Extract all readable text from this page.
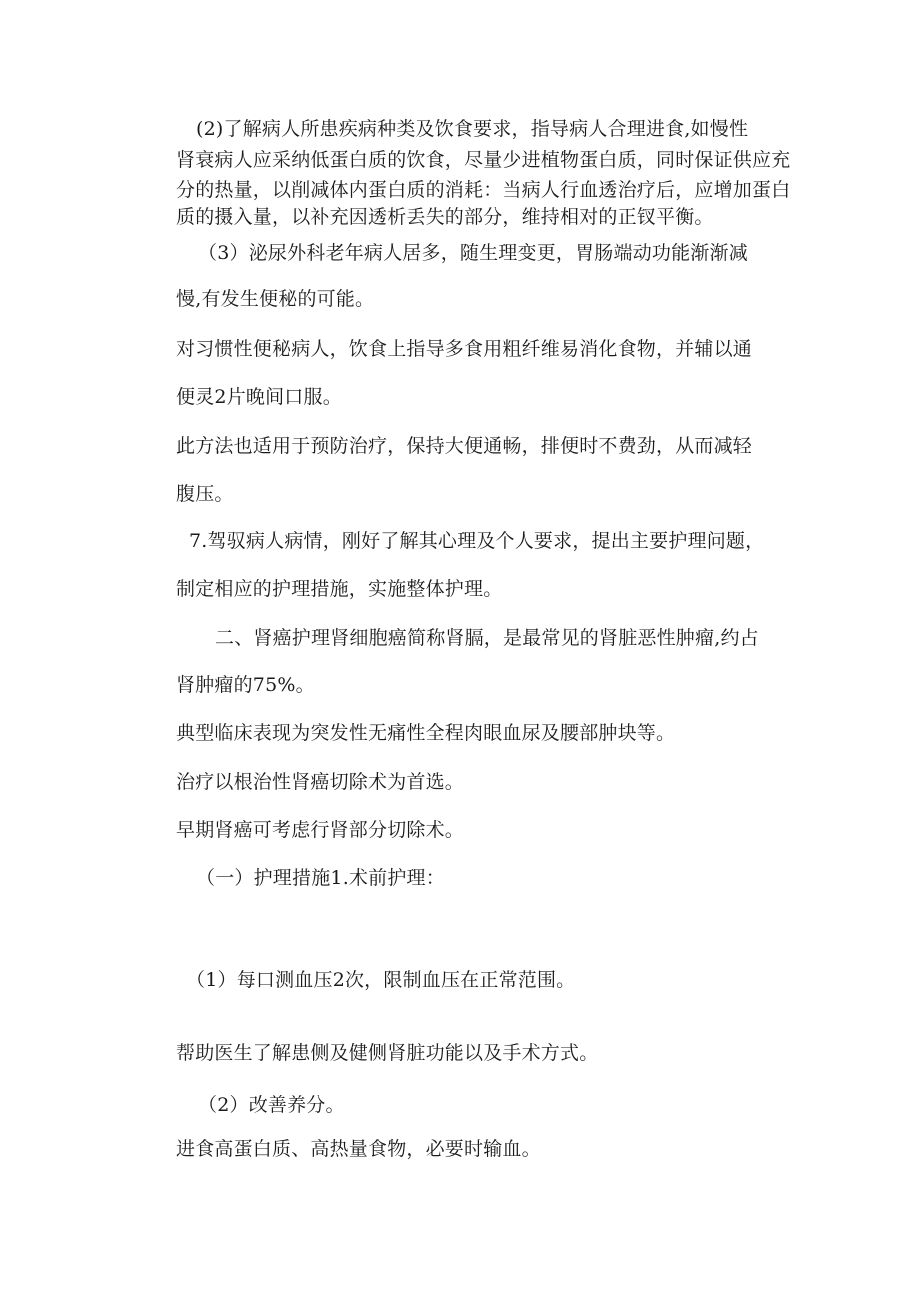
(2)了解病人所患疾病种类及饮食要求，指导病人合理进食,如慢性
肾衰病人应采纳低蛋白质的饮食，尽量少进植物蛋白质，同时保证供应充
分的热量，以削减体内蛋白质的消耗：当病人行血透治疗后，应增加蛋白
质的摄入量，以补充因透析丢失的部分，维持相对的正钗平衡。
（3）泌尿外科老年病人居多，随生理变更，胃肠端动功能渐渐减
慢,有发生便秘的可能。
对习惯性便秘病人，饮食上指导多食用粗纤维易消化食物，并辅以通
便灵2片晚间口服。
此方法也适用于预防治疗，保持大便通畅，排便时不费劲，从而减轻
腹压。
7.驾驭病人病情，刚好了解其心理及个人要求，提出主要护理问题，
制定相应的护理措施，实施整体护理。
二、肾癌护理肾细胞癌简称肾膈，是最常见的肾脏恶性肿瘤,约占
肾肿瘤的75%。
典型临床表现为突发性无痛性全程肉眼血尿及腰部肿块等。
治疗以根治性肾癌切除术为首选。
早期肾癌可考虑行肾部分切除术。
（一）护理措施1.术前护理：
（1）每口测血压2次，限制血压在正常范围。
帮助医生了解患侧及健侧肾脏功能以及手术方式。
（2）改善养分。
进食高蛋白质、高热量食物，必要时输血。
